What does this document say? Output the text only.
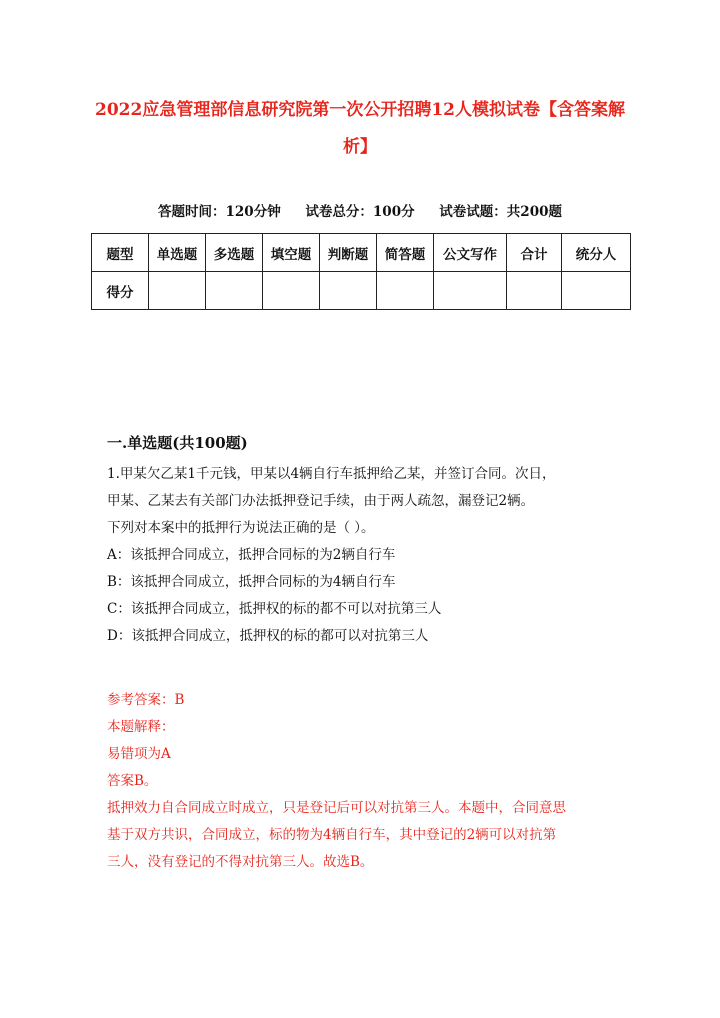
2022应急管理部信息研究院第一次公开招聘12人模拟试卷【含答案解析】
答题时间：120分钟 试卷总分：100分 试卷试题：共200题
题型	单选题	多选题	填空题	判断题	简答题	公文写作	合计	统分人
得分								
一.单选题(共100题)

1.甲某欠乙某1千元钱，甲某以4辆自行车抵押给乙某，并签订合同。次日，

甲某、乙某去有关部门办法抵押登记手续，由于两人疏忽，漏登记2辆。

下列对本案中的抵押行为说法正确的是（ ）。

A：该抵押合同成立，抵押合同标的为2辆自行车

B：该抵押合同成立，抵押合同标的为4辆自行车

C：该抵押合同成立，抵押权的标的都不可以对抗第三人

D：该抵押合同成立，抵押权的标的都可以对抗第三人

参考答案：B

本题解释：

易错项为A

答案B。

抵押效力自合同成立时成立，只是登记后可以对抗第三人。本题中，合同意思

基于双方共识，合同成立，标的物为4辆自行车，其中登记的2辆可以对抗第

三人，没有登记的不得对抗第三人。故选B。
